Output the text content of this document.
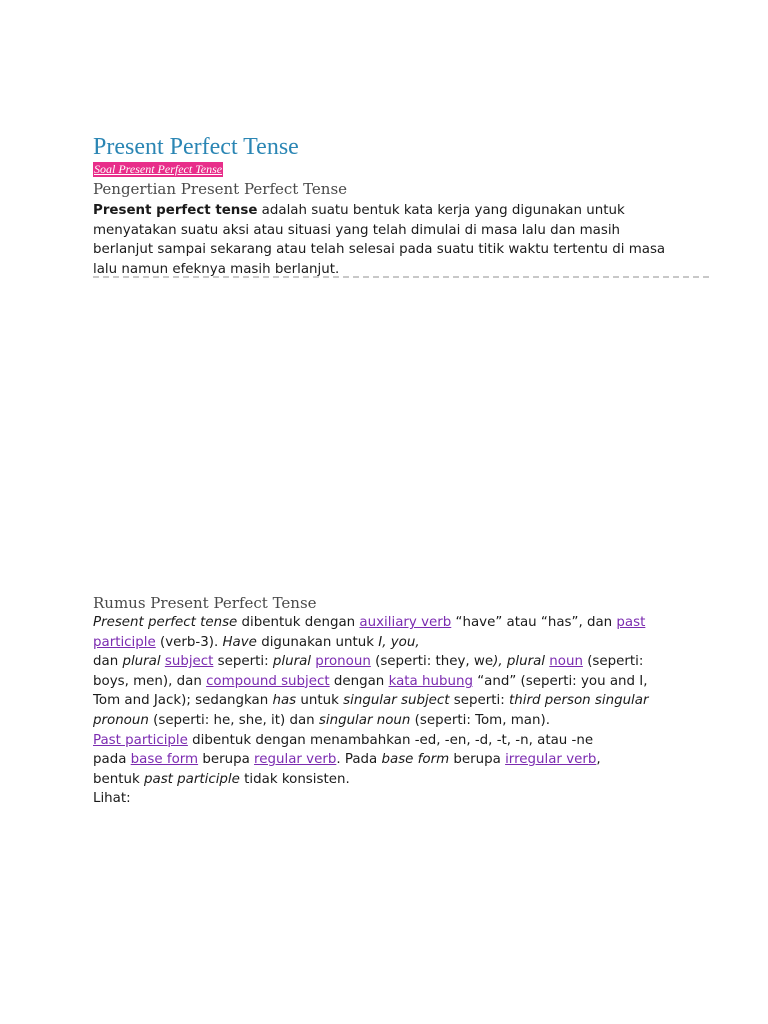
Present Perfect Tense
Soal Present Perfect Tense
Pengertian Present Perfect Tense
Present perfect tense adalah suatu bentuk kata kerja yang digunakan untuk
menyatakan suatu aksi atau situasi yang telah dimulai di masa lalu dan masih
berlanjut sampai sekarang atau telah selesai pada suatu titik waktu tertentu di masa
lalu namun efeknya masih berlanjut.
Rumus Present Perfect Tense
Present perfect tense dibentuk dengan auxiliary verb “have” atau “has”, dan past
participle (verb-3). Have digunakan untuk I, you,
dan plural subject seperti: plural pronoun (seperti: they, we), plural noun (seperti:
boys, men), dan compound subject dengan kata hubung “and” (seperti: you and I,
Tom and Jack); sedangkan has untuk singular subject seperti: third person singular
pronoun (seperti: he, she, it) dan singular noun (seperti: Tom, man).
Past participle dibentuk dengan menambahkan -ed, -en, -d, -t, -n, atau -ne
pada base form berupa regular verb. Pada base form berupa irregular verb,
bentuk past participle tidak konsisten.
Lihat:
